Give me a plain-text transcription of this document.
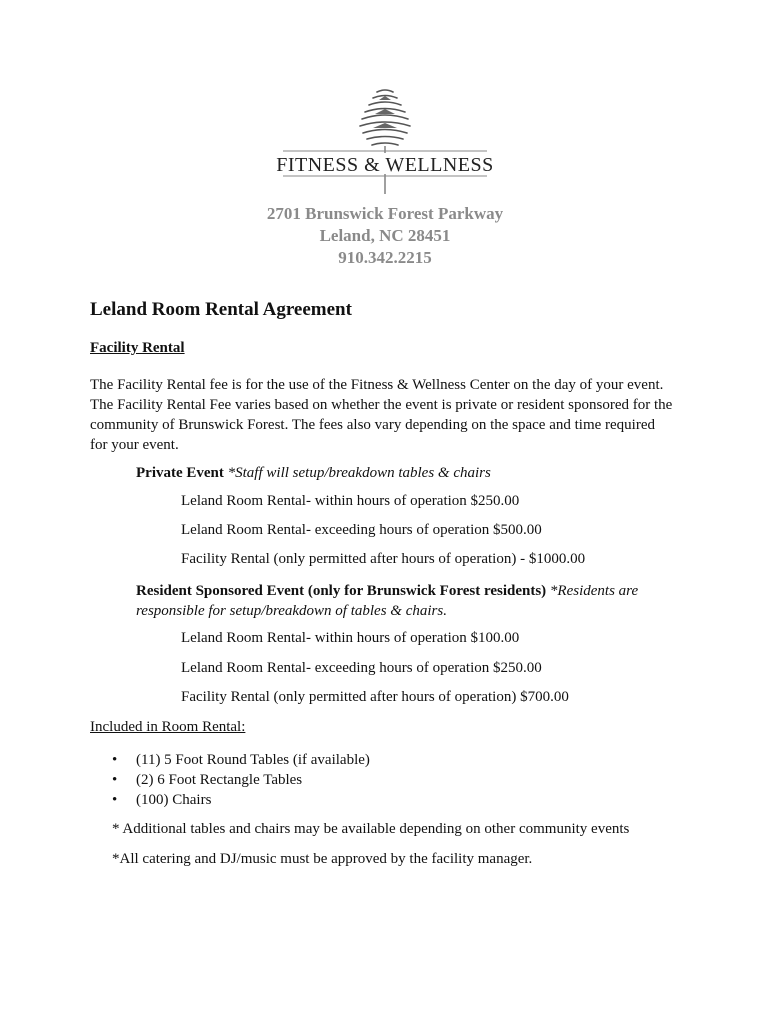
FITNESS & WELLNESS
2701 Brunswick Forest Parkway
Leland, NC 28451
910.342.2215
Leland Room Rental Agreement
Facility Rental
The Facility Rental fee is for the use of the Fitness & Wellness Center on the day of your event.
The Facility Rental Fee varies based on whether the event is private or resident sponsored for the
community of Brunswick Forest. The fees also vary depending on the space and time required
for your event.
Private Event *Staff will setup/breakdown tables & chairs
Leland Room Rental- within hours of operation $250.00
Leland Room Rental- exceeding hours of operation $500.00
Facility Rental (only permitted after hours of operation) - $1000.00
Resident Sponsored Event (only for Brunswick Forest residents) *Residents are
responsible for setup/breakdown of tables & chairs.
Leland Room Rental- within hours of operation $100.00
Leland Room Rental- exceeding hours of operation $250.00
Facility Rental (only permitted after hours of operation) $700.00
Included in Room Rental:
• (11) 5 Foot Round Tables (if available)
• (2) 6 Foot Rectangle Tables
• (100) Chairs
* Additional tables and chairs may be available depending on other community events
*All catering and DJ/music must be approved by the facility manager.
